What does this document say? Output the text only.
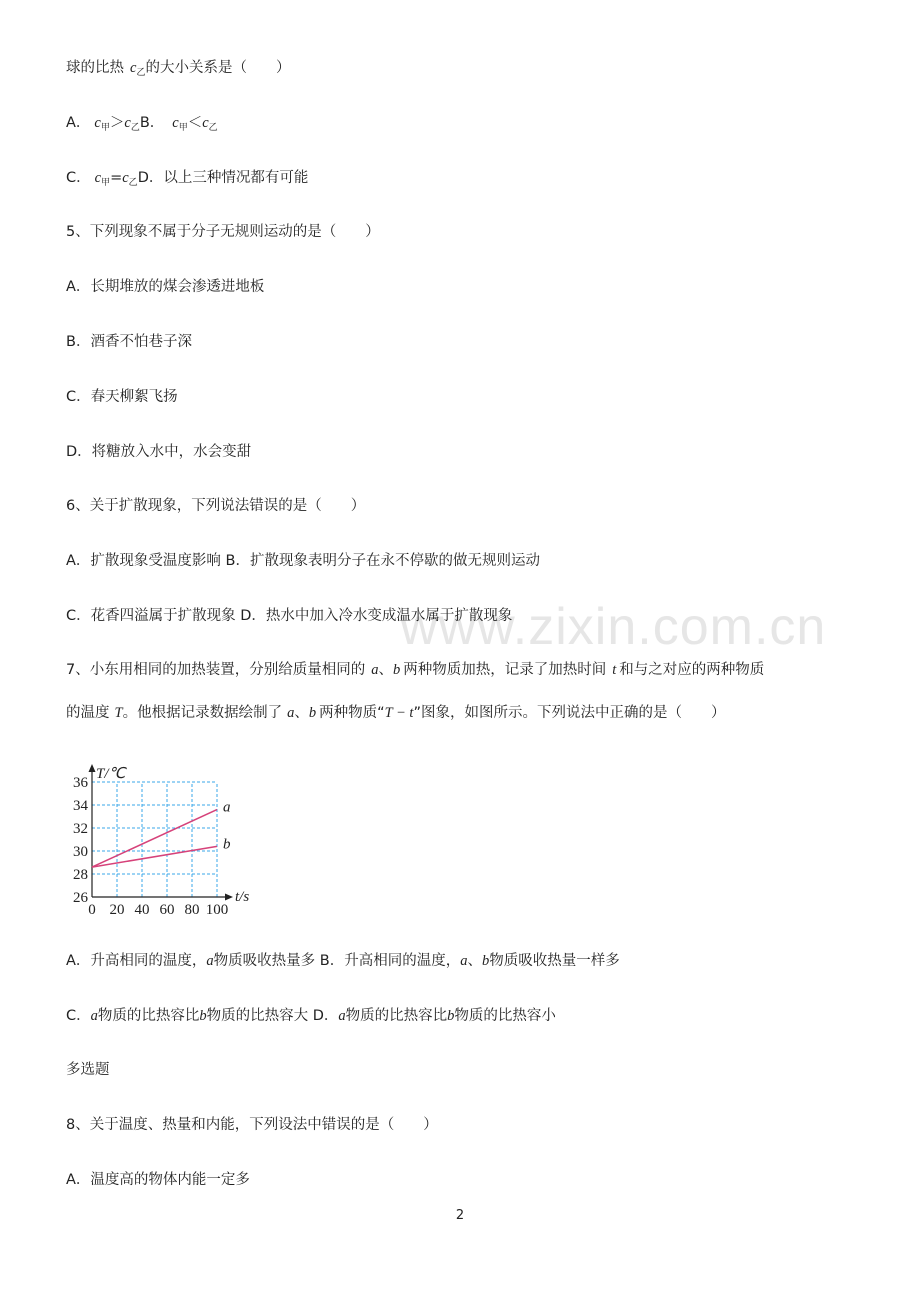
www.zixin.com.cn
球的比热 $c_乙$的大小关系是（　　）
A． $c_甲>c_乙B$． $c_甲<c_乙$
C． $c_甲=c_乙D$．以上三种情况都有可能
5、下列现象不属于分子无规则运动的是（　　）
A．长期堆放的煤会渗透进地板
B．酒香不怕巷子深
C．春天柳絮飞扬
D．将糖放入水中，水会变甜
6、关于扩散现象，下列说法错误的是（　　）
A．扩散现象受温度影响 B．扩散现象表明分子在永不停歇的做无规则运动
C．花香四溢属于扩散现象 D．热水中加入冷水变成温水属于扩散现象
7、小东用相同的加热装置，分别给质量相同的 a、b 两种物质加热，记录了加热时间 t 和与之对应的两种物质
的温度 T。他根据记录数据绘制了 a、b 两种物质“T − t”图象，如图所示。下列说法中正确的是（　　）
26
28
30
32
34
36
0 20 40 60 80 100
T/℃
t/s
a
b
A．升高相同的温度，a物质吸收热量多 B．升高相同的温度，a、b物质吸收热量一样多
C．a物质的比热容比b物质的比热容大 D．a物质的比热容比b物质的比热容小
多选题
8、关于温度、热量和内能，下列设法中错误的是（　　）
A．温度高的物体内能一定多
2
